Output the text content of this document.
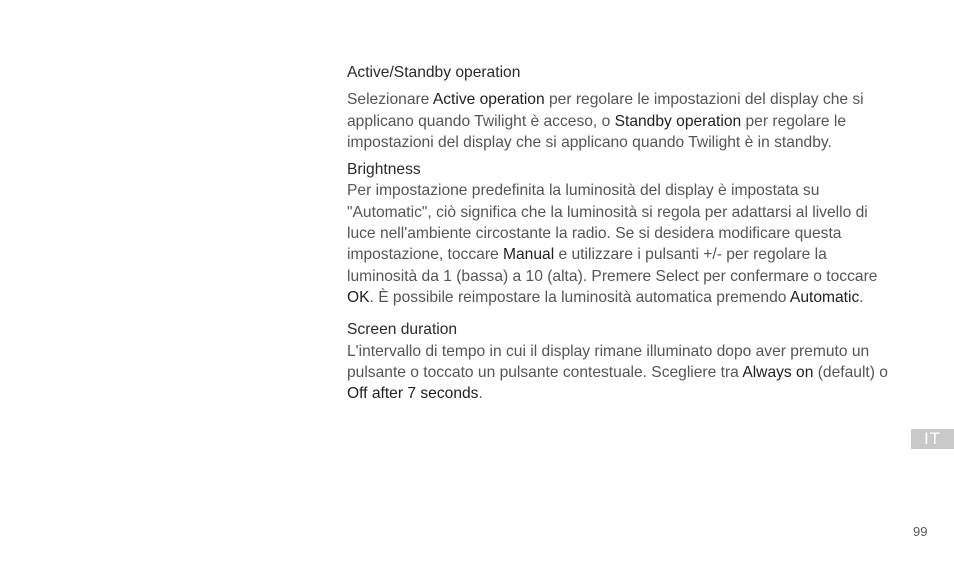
Active/Standby operation

Selezionare Active operation per regolare le impostazioni del display che si applicano quando Twilight è acceso, o Standby operation per regolare le impostazioni del display che si applicano quando Twilight è in standby.

Brightness

Per impostazione predefinita la luminosità del display è impostata su "Automatic", ciò significa che la luminosità si regola per adattarsi al livello di luce nell'ambiente circostante la radio. Se si desidera modificare questa impostazione, toccare Manual e utilizzare i pulsanti +/- per regolare la luminosità da 1 (bassa) a 10 (alta). Premere Select per confermare o toccare OK. È possibile reimpostare la luminosità automatica premendo Automatic.

Screen duration

L'intervallo di tempo in cui il display rimane illuminato dopo aver premuto un pulsante o toccato un pulsante contestuale. Scegliere tra Always on (default) o Off after 7 seconds.

IT
99
